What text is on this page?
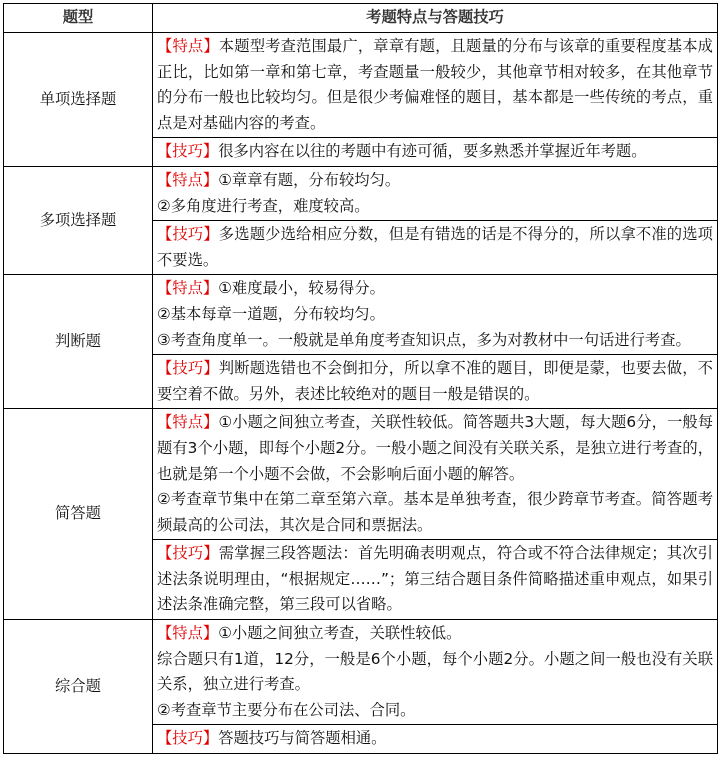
题型	考题特点与答题技巧
单项选择题	【特点】本题型考查范围最广，章章有题，且题量的分布与该章的重要程度基本成正比，比如第一章和第七章，考查题量一般较少，其他章节相对较多，在其他章节的分布一般也比较均匀。但是很少考偏难怪的题目，基本都是一些传统的考点，重点是对基础内容的考查。

	【技巧】很多内容在以往的考题中有迹可循，要多熟悉并掌握近年考题。
多项选择题	【特点】①章章有题，分布较均匀。

②多角度进行考查，难度较高。

	【技巧】多选题少选给相应分数，但是有错选的话是不得分的，所以拿不准的选项不要选。
判断题	【特点】①难度最小，较易得分。

②基本每章一道题，分布较均匀。

③考查角度单一。一般就是单角度考查知识点，多为对教材中一句话进行考查。

	【技巧】判断题选错也不会倒扣分，所以拿不准的题目，即便是蒙，也要去做，不要空着不做。另外，表述比较绝对的题目一般是错误的。
简答题	【特点】①小题之间独立考查，关联性较低。简答题共3大题，每大题6分，一般每题有3个小题，即每个小题2分。一般小题之间没有关联关系，是独立进行考查的，也就是第一个小题不会做，不会影响后面小题的解答。

②考查章节集中在第二章至第六章。基本是单独考查，很少跨章节考查。简答题考频最高的公司法，其次是合同和票据法。

	【技巧】需掌握三段答题法：首先明确表明观点，符合或不符合法律规定；其次引述法条说明理由，“根据规定……”；第三结合题目条件简略描述重申观点，如果引述法条准确完整，第三段可以省略。
综合题	【特点】①小题之间独立考查，关联性较低。

综合题只有1道，12分，一般是6个小题，每个小题2分。小题之间一般也没有关联关系，独立进行考查。

②考查章节主要分布在公司法、合同。

	【技巧】答题技巧与简答题相通。
